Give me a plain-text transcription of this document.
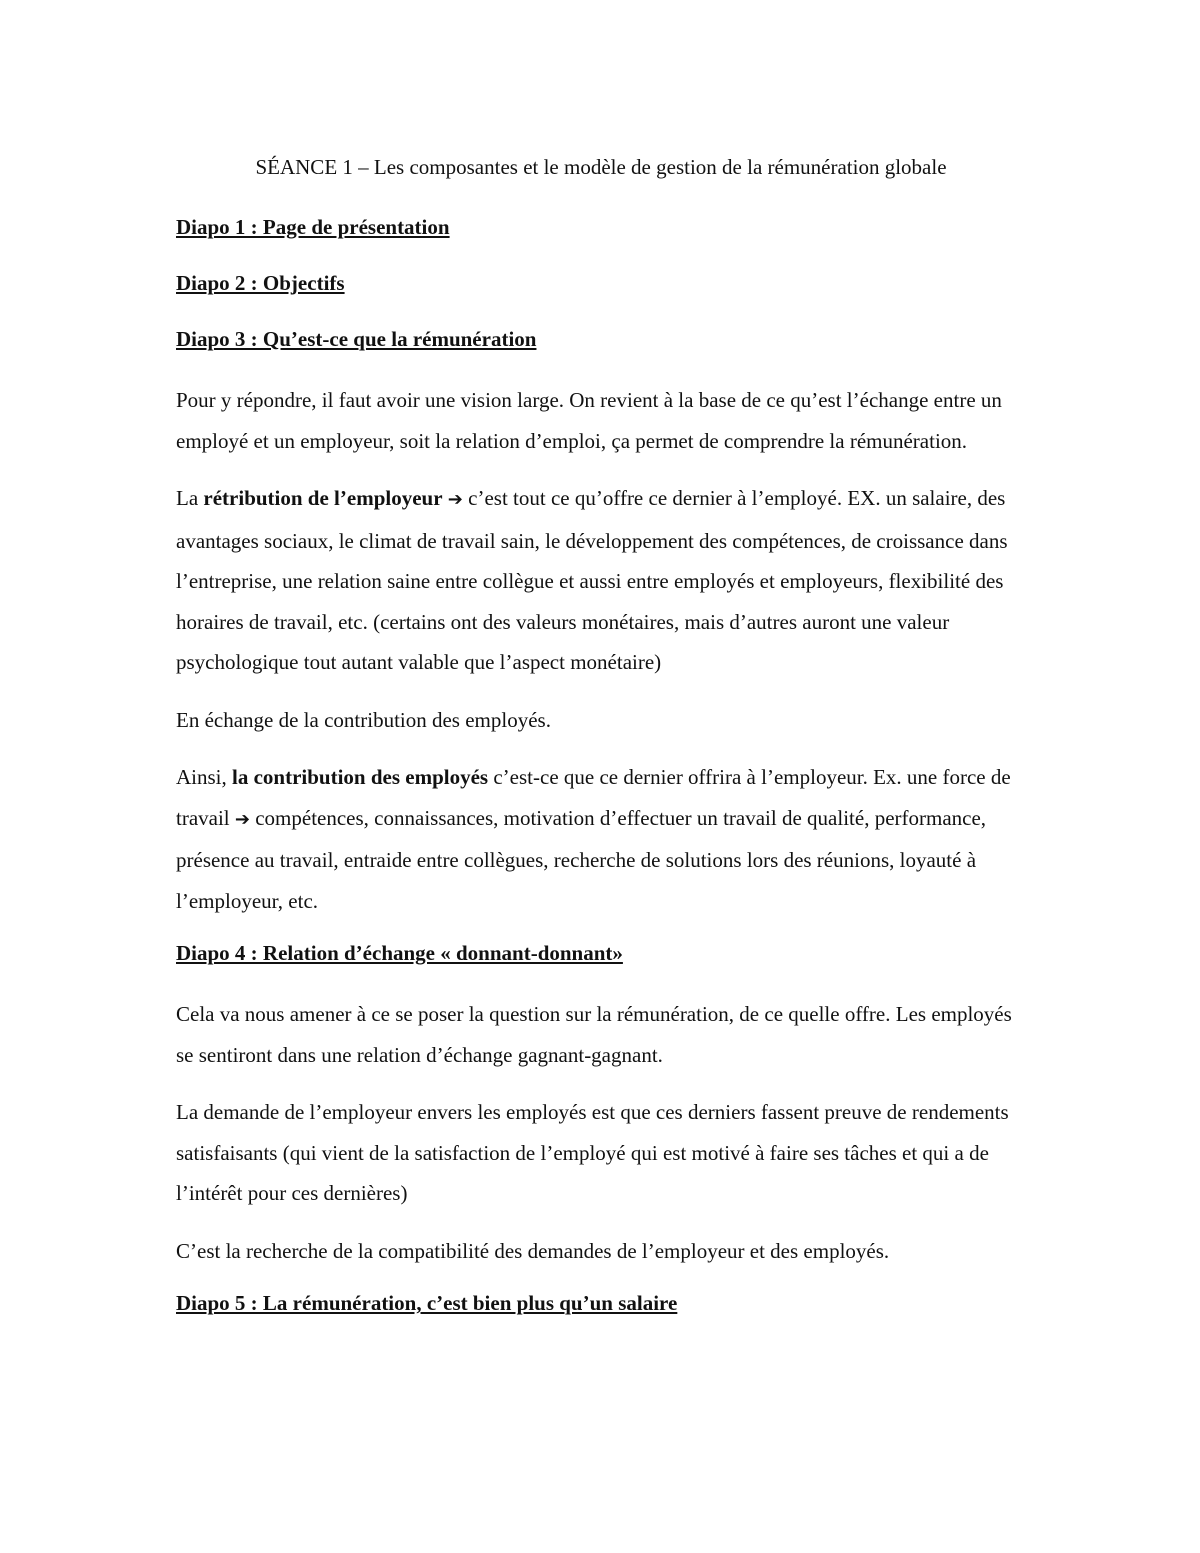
SÉANCE 1 – Les composantes et le modèle de gestion de la rémunération globale
Diapo 1 : Page de présentation
Diapo 2 : Objectifs
Diapo 3 : Qu’est-ce que la rémunération

Pour y répondre, il faut avoir une vision large. On revient à la base de ce qu’est l’échange entre un employé et un employeur, soit la relation d’emploi, ça permet de comprendre la rémunération.

La rétribution de l’employeur ➔ c’est tout ce qu’offre ce dernier à l’employé. EX. un salaire, des avantages sociaux, le climat de travail sain, le développement des compétences, de croissance dans l’entreprise, une relation saine entre collègue et aussi entre employés et employeurs, flexibilité des horaires de travail, etc. (certains ont des valeurs monétaires, mais d’autres auront une valeur psychologique tout autant valable que l’aspect monétaire)

En échange de la contribution des employés.

Ainsi, la contribution des employés c’est-ce que ce dernier offrira à l’employeur. Ex. une force de travail ➔ compétences, connaissances, motivation d’effectuer un travail de qualité, performance, présence au travail, entraide entre collègues, recherche de solutions lors des réunions, loyauté à l’employeur, etc.

Diapo 4 : Relation d’échange « donnant-donnant»

Cela va nous amener à ce se poser la question sur la rémunération, de ce quelle offre. Les employés se sentiront dans une relation d’échange gagnant-gagnant.

La demande de l’employeur envers les employés est que ces derniers fassent preuve de rendements satisfaisants (qui vient de la satisfaction de l’employé qui est motivé à faire ses tâches et qui a de l’intérêt pour ces dernières)

C’est la recherche de la compatibilité des demandes de l’employeur et des employés.

Diapo 5 : La rémunération, c’est bien plus qu’un salaire
